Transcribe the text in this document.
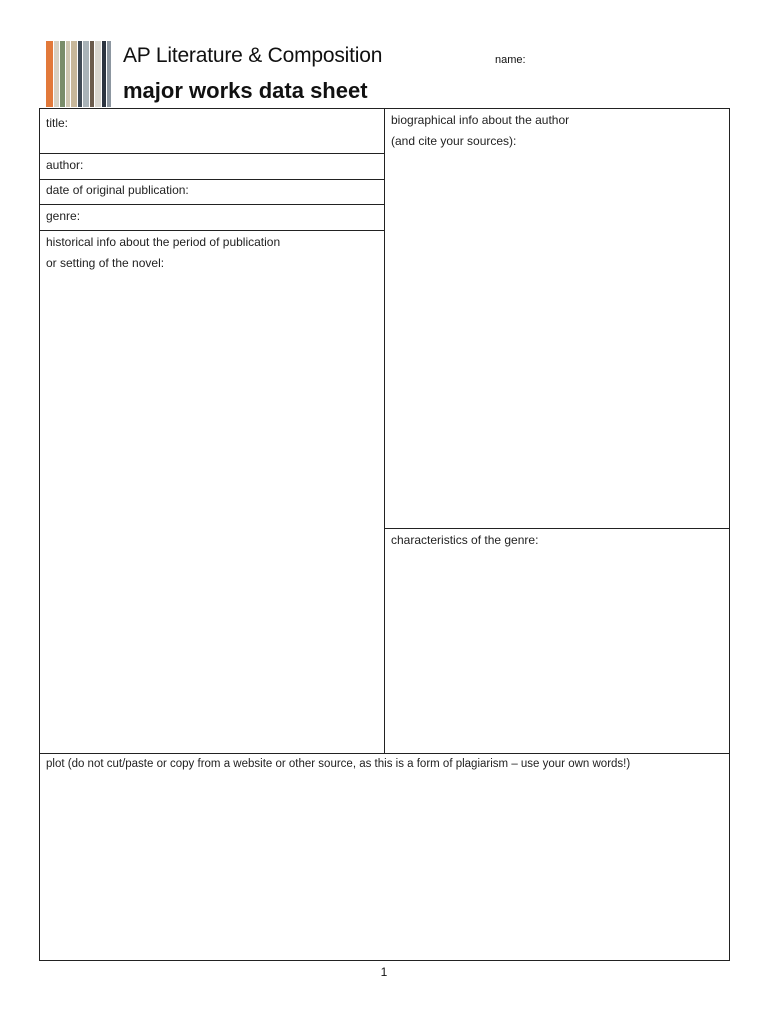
AP Literature & Composition
major works data sheet
name:
title:
author:
date of original publication:
genre:
historical info about the period of publication
or setting of the novel:
biographical info about the author
(and cite your sources):
characteristics of the genre:
plot (do not cut/paste or copy from a website or other source, as this is a form of plagiarism – use your own words!)
1
